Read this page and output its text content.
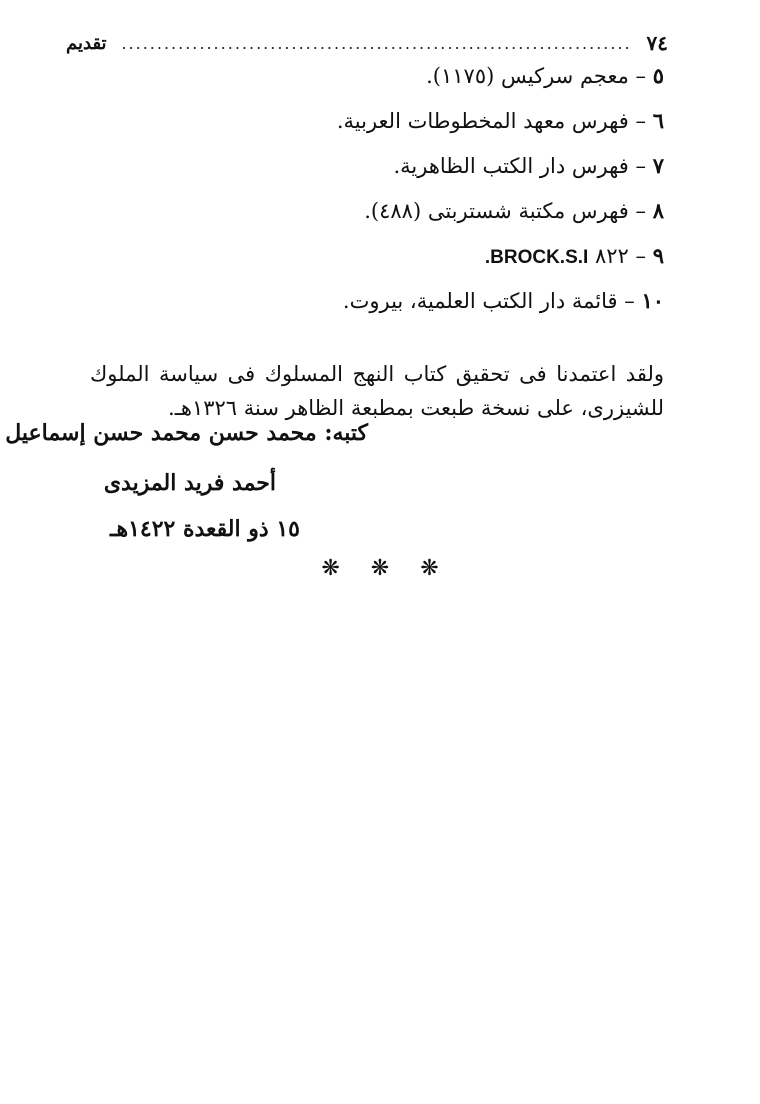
٧٤
........................................................................
تقديم
٥ – معجم سركيس (١١٧٥).
٦ – فهرس معهد المخطوطات العربية.
٧ – فهرس دار الكتب الظاهرية.
٨ – فهرس مكتبة شستربتى (٤٨٨).
٩ – ٨٢٢ BROCK.S.I.
١٠ – قائمة دار الكتب العلمية، بيروت.

ولقد اعتمدنا فى تحقيق كتاب النهج المسلوك فى سياسة الملوك للشيزرى، على نسخة طبعت بمطبعة الظاهر سنة ١٣٢٦هـ.

كتبه: محمد حسن محمد حسن إسماعيل
أحمد فريد المزيدى
١٥ ذو القعدة ١٤٢٢هـ
❋ ❋ ❋
